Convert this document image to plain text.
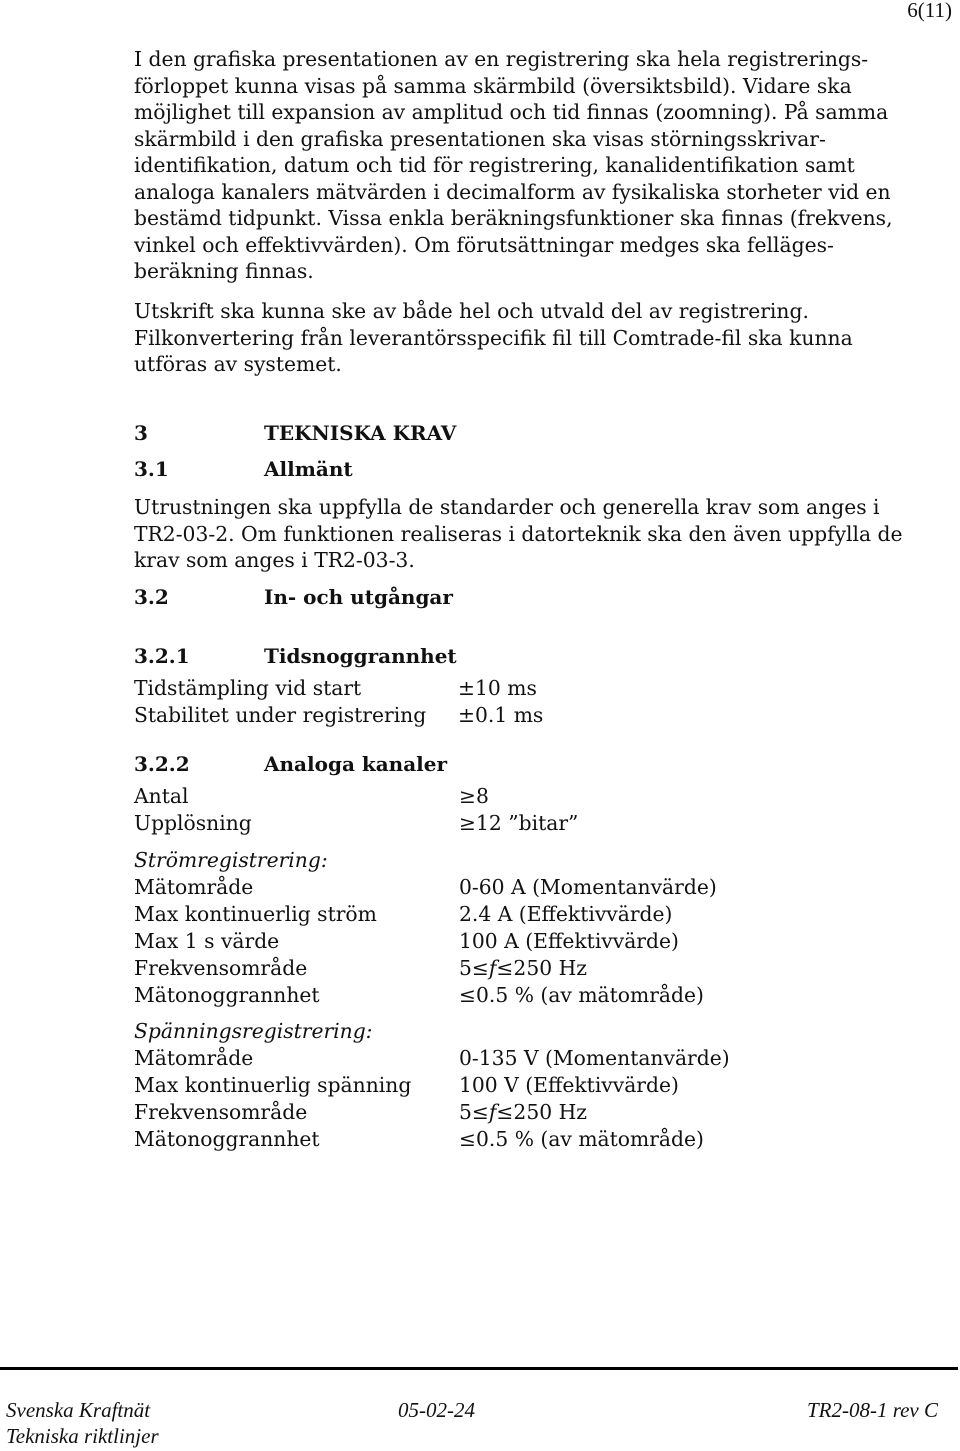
6(11)
I den grafiska presentationen av en registrering ska hela registrerings-
förloppet kunna visas på samma skärmbild (översiktsbild). Vidare ska
möjlighet till expansion av amplitud och tid finnas (zoomning). På samma
skärmbild i den grafiska presentationen ska visas störningsskrivar-
identifikation, datum och tid för registrering, kanalidentifikation samt
analoga kanalers mätvärden i decimalform av fysikaliska storheter vid en
bestämd tidpunkt. Vissa enkla beräkningsfunktioner ska finnas (frekvens,
vinkel och effektivvärden). Om förutsättningar medges ska felläges-
beräkning finnas.
Utskrift ska kunna ske av både hel och utvald del av registrering.
Filkonvertering från leverantörsspecifik fil till Comtrade-fil ska kunna
utföras av systemet.
3	TEKNISKA KRAV
3.1	Allmänt
Utrustningen ska uppfylla de standarder och generella krav som anges i
TR2-03-2. Om funktionen realiseras i datorteknik ska den även uppfylla de
krav som anges i TR2-03-3.
3.2	In- och utgångar
3.2.1	Tidsnoggrannhet
Tidstämpling vid start	±10 ms
Stabilitet under registrering ±0.1 ms
3.2.2	Analoga kanaler
Antal	≥8
Upplösning	≥12 ”bitar”
Strömregistrering:
Mätområde	0-60 A (Momentanvärde)
Max kontinuerlig ström	2.4 A (Effektivvärde)
Max 1 s värde	100 A (Effektivvärde)
Frekvensområde	5≤f≤250 Hz
Mätonoggrannhet	≤0.5 % (av mätområde)
Spänningsregistrering:
Mätområde	0-135 V (Momentanvärde)
Max kontinuerlig spänning 100 V (Effektivvärde)
Frekvensområde	5≤f≤250 Hz
Mätonoggrannhet	≤0.5 % (av mätområde)
Svenska Kraftnät	05-02-24	TR2-08-1 rev C
Tekniska riktlinjer
